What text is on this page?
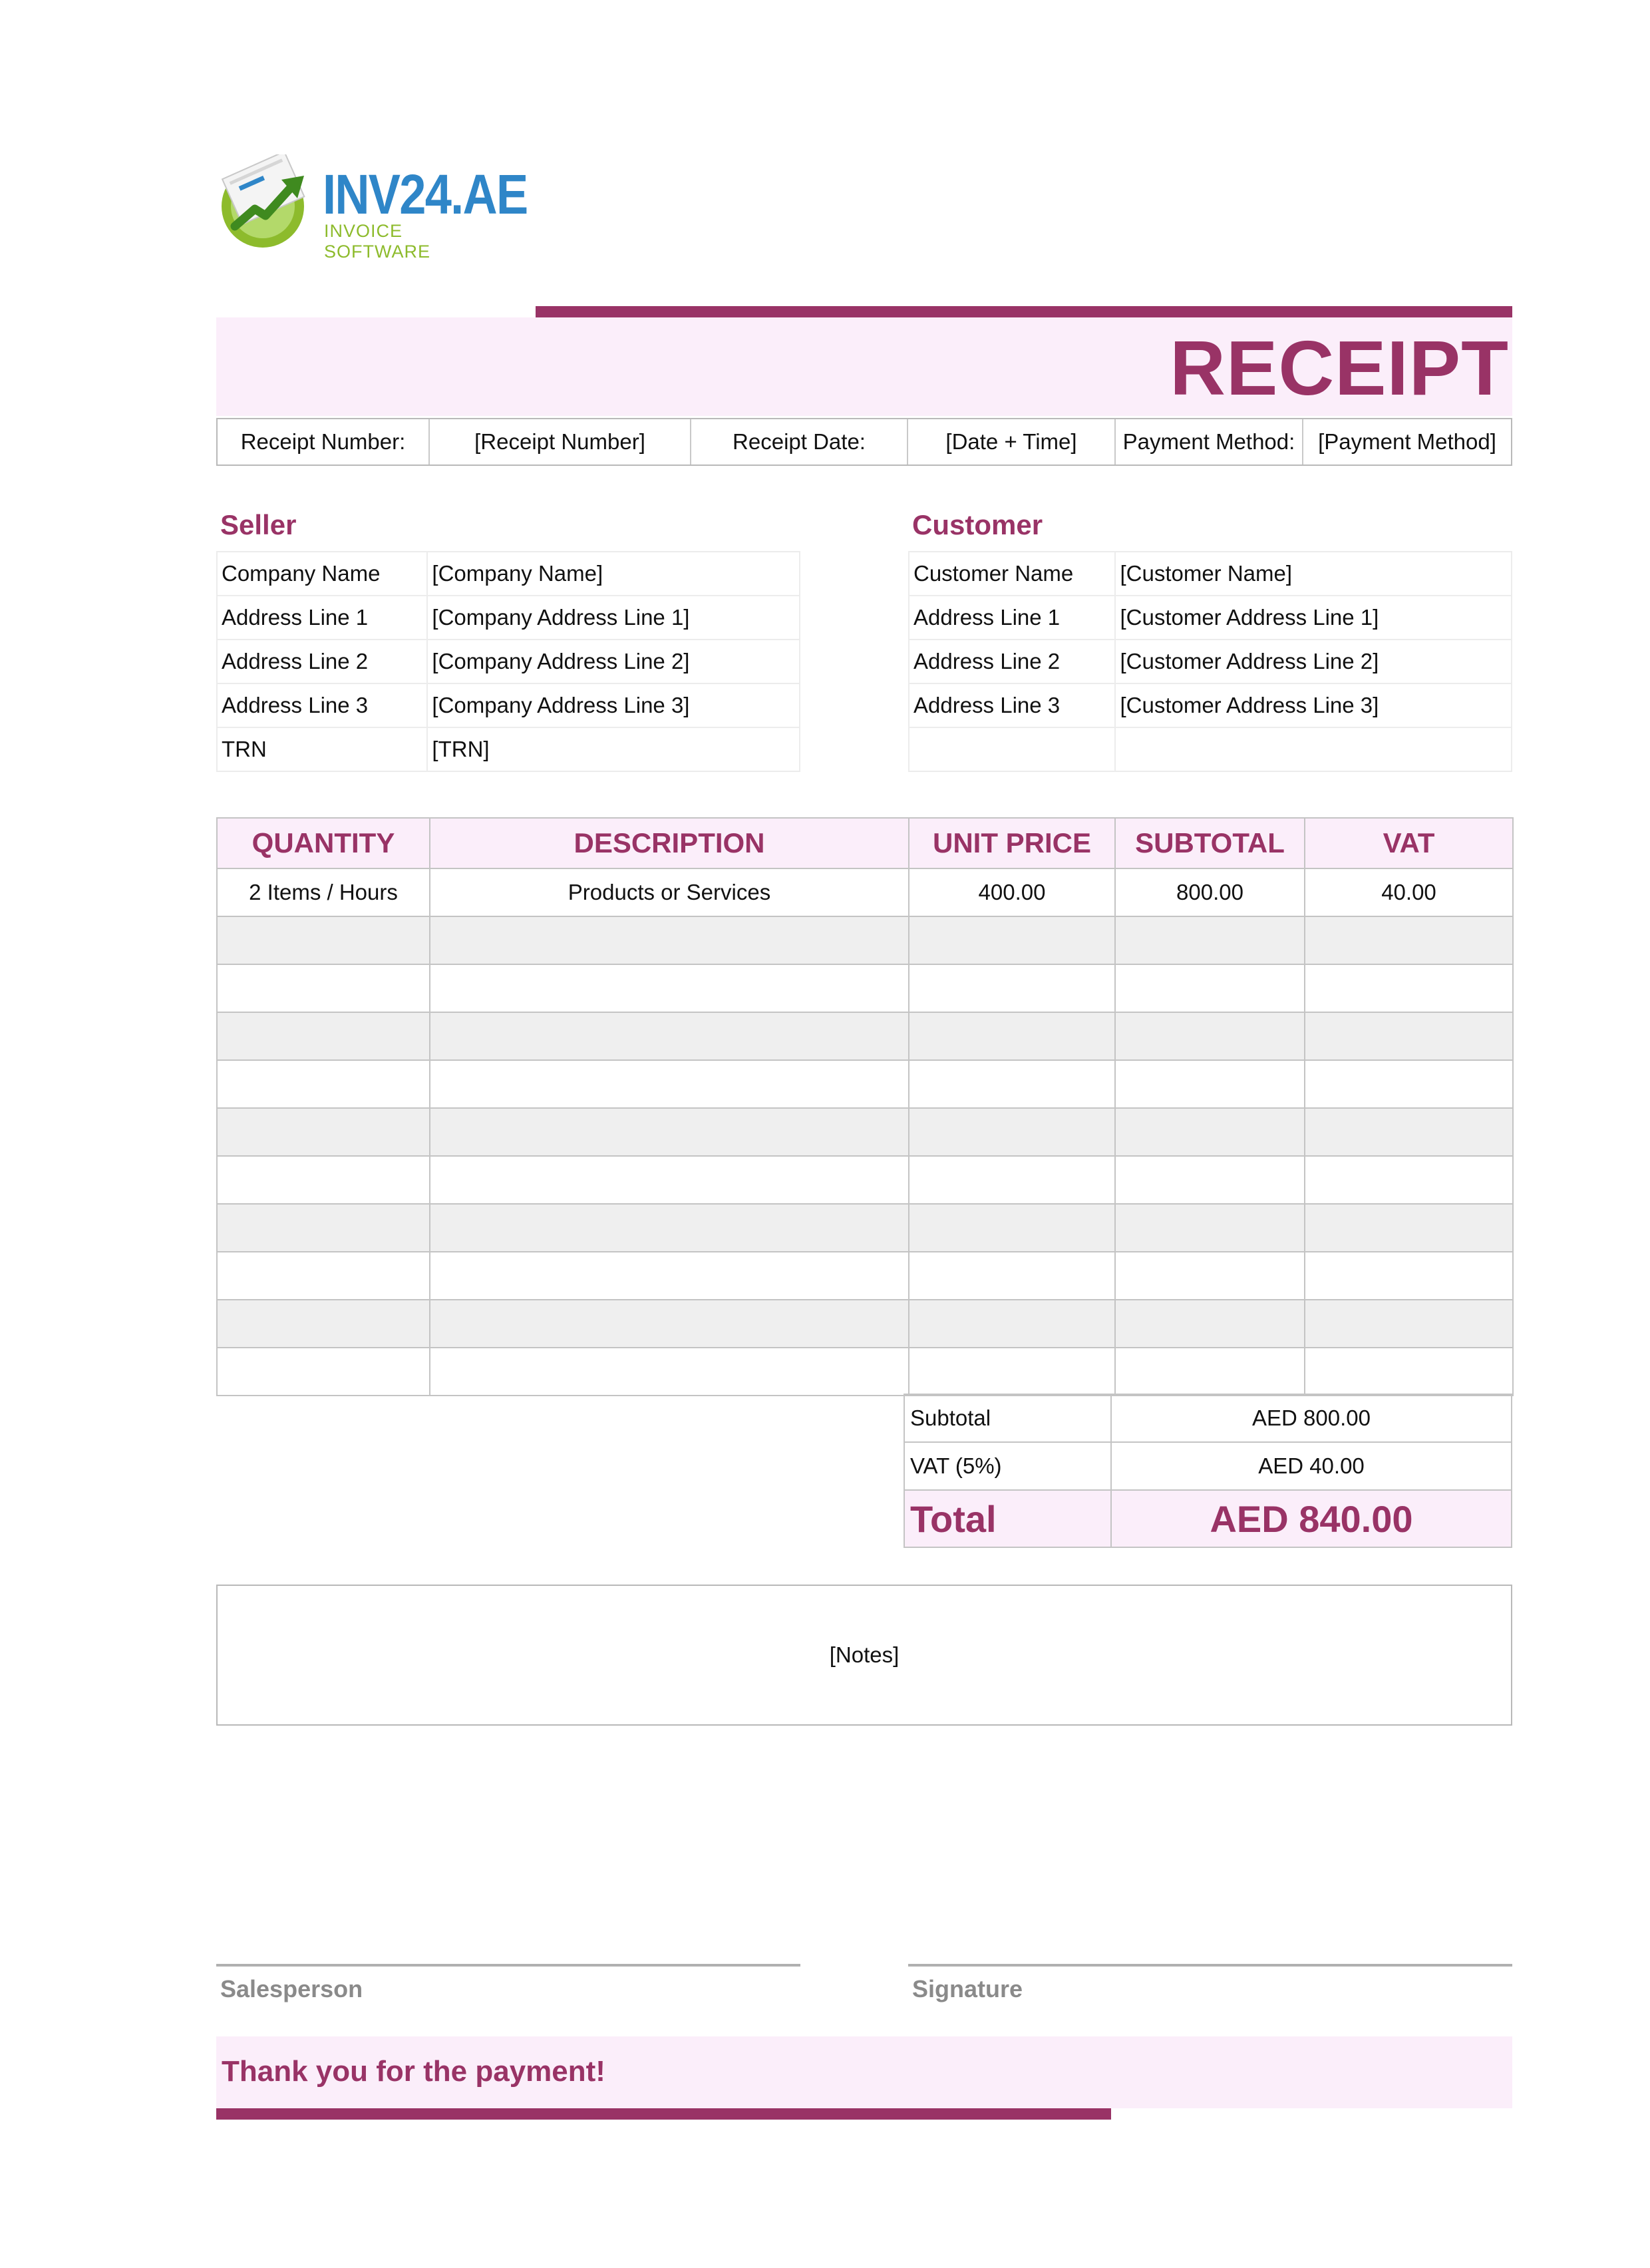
INV24.AE
INVOICE SOFTWARE
RECEIPT
Receipt Number:	[Receipt Number]	Receipt Date:	[Date + Time]	Payment Method:	[Payment Method]
Seller
Company Name	[Company Name]
Address Line 1	[Company Address Line 1]
Address Line 2	[Company Address Line 2]
Address Line 3	[Company Address Line 3]
TRN	[TRN]
Customer
Customer Name	[Customer Name]
Address Line 1	[Customer Address Line 1]
Address Line 2	[Customer Address Line 2]
Address Line 3	[Customer Address Line 3]

QUANTITY	DESCRIPTION	UNIT PRICE	SUBTOTAL	VAT
2 Items / Hours	Products or Services	400.00	800.00	40.00

Subtotal	AED 800.00
VAT (5%)	AED 40.00
Total	AED 840.00
[Notes]
Salesperson	Signature
Thank you for the payment!
